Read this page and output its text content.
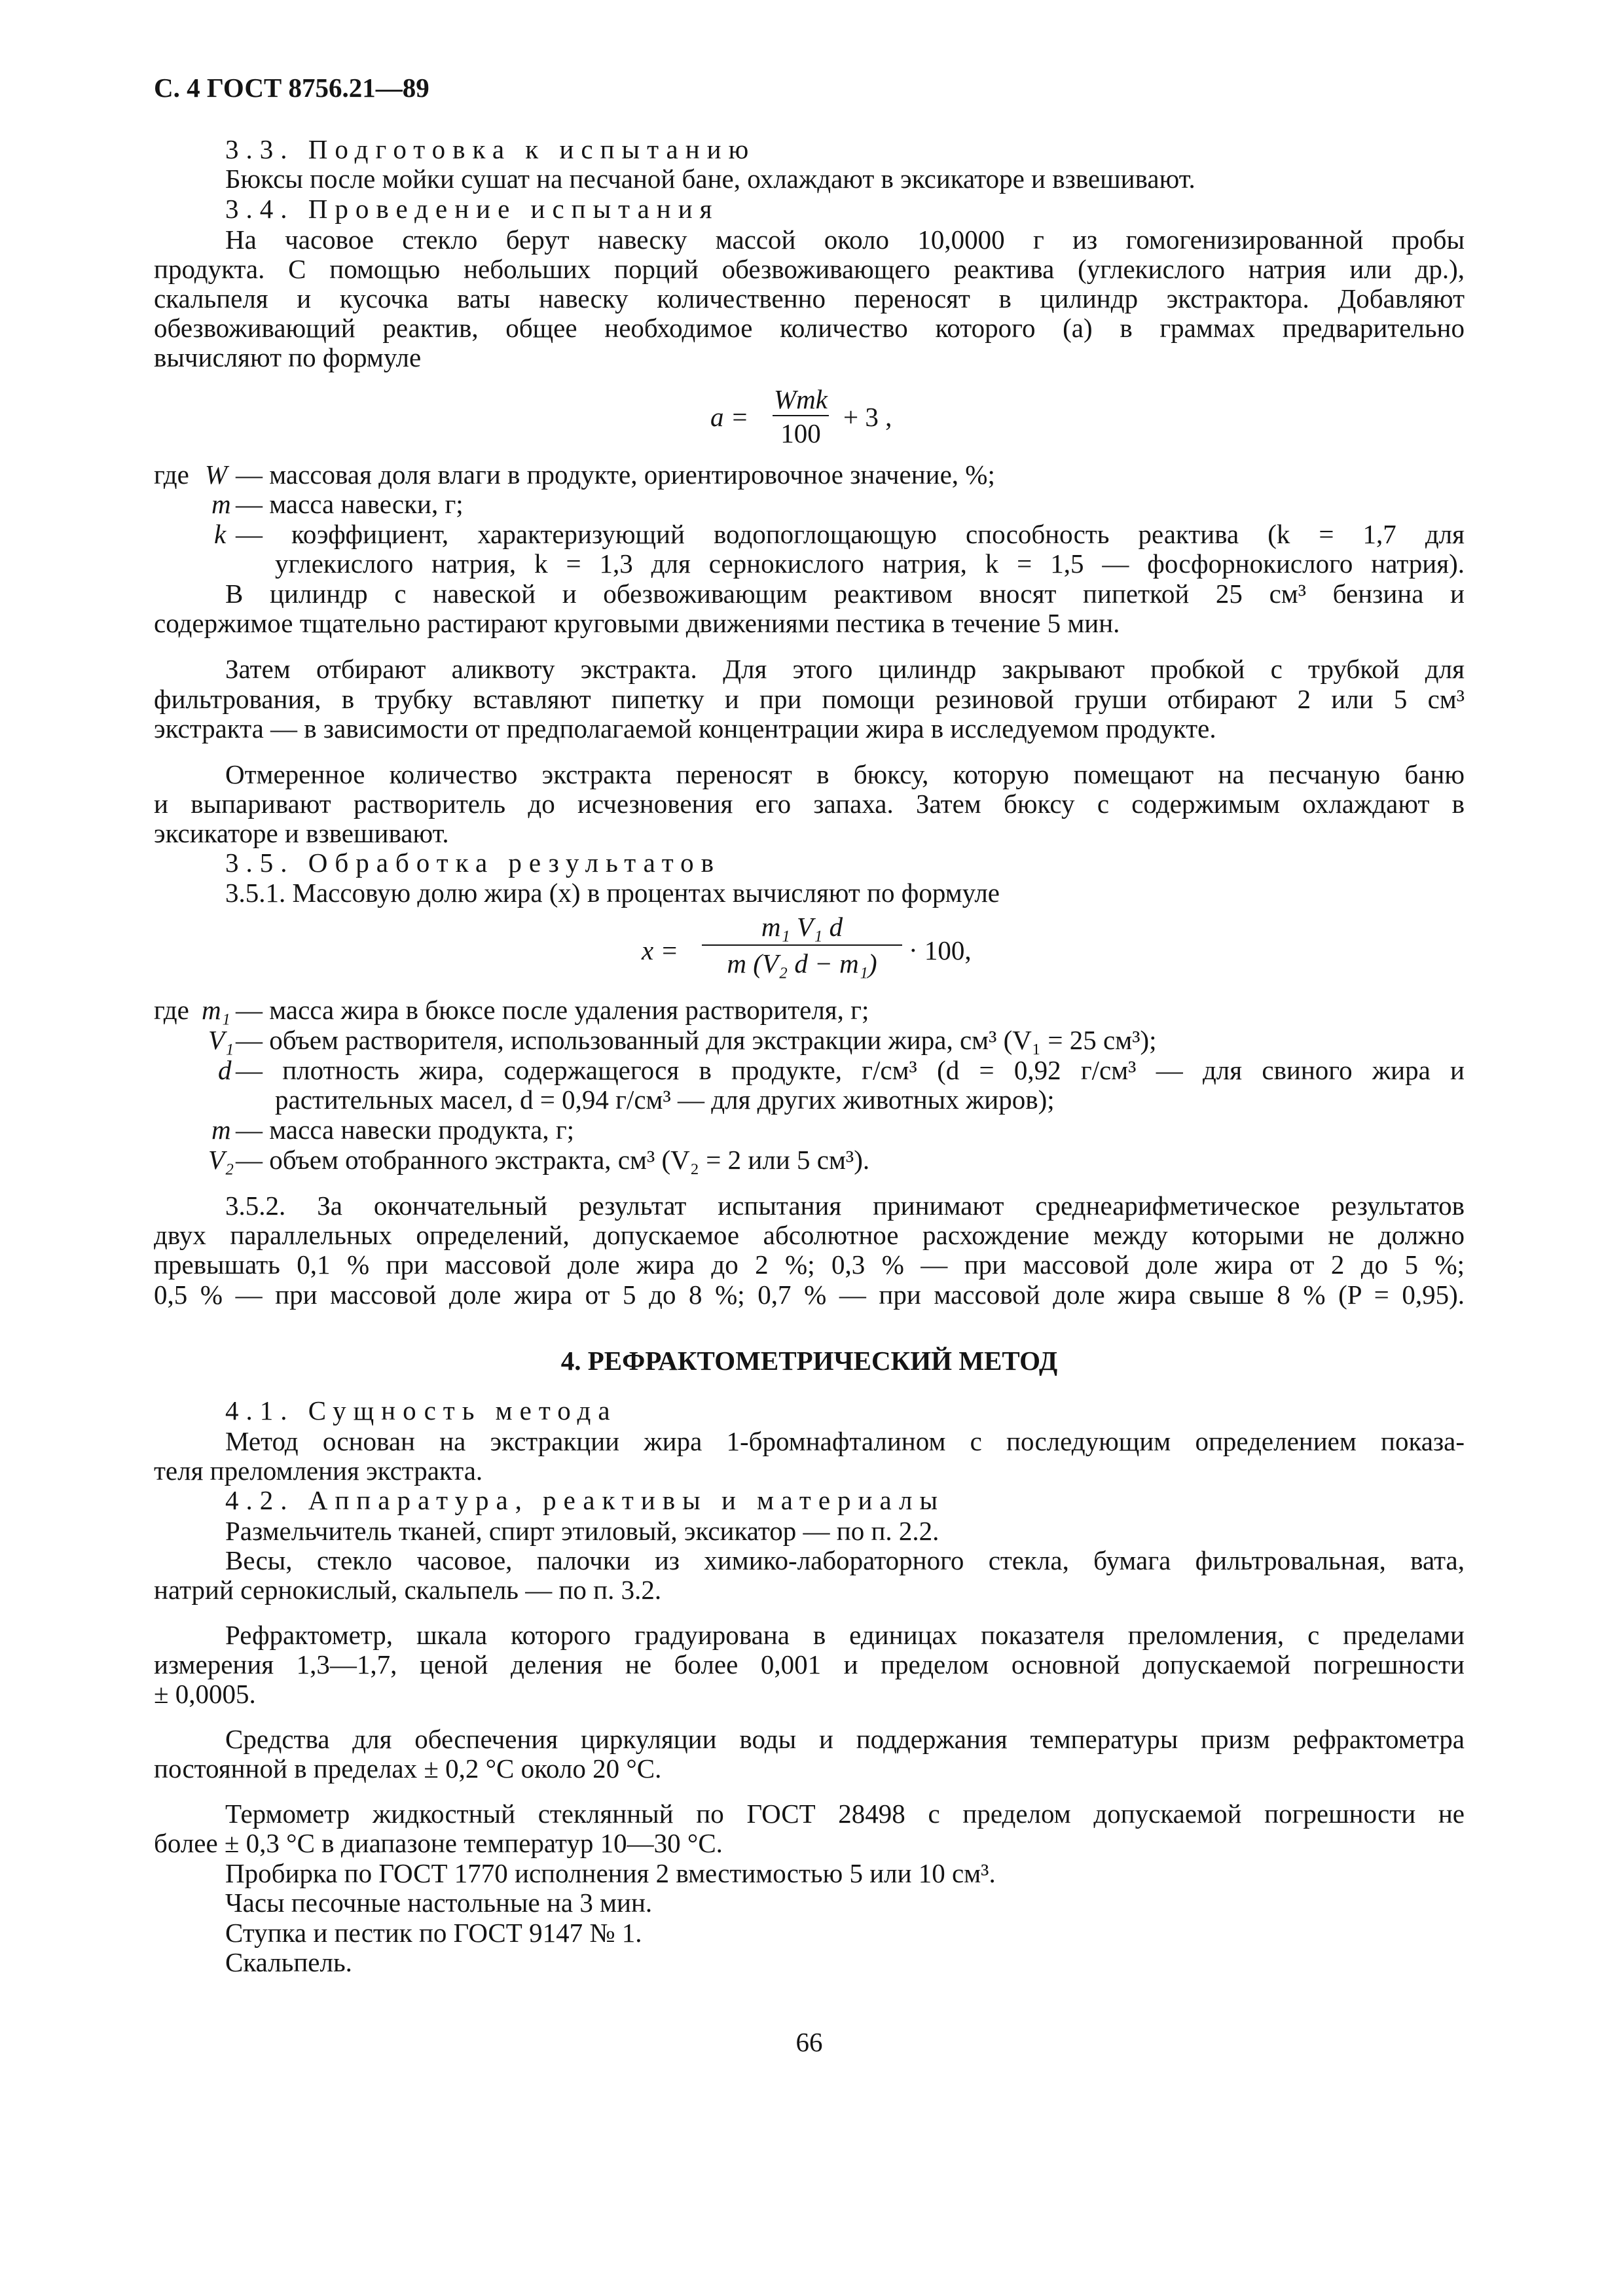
С. 4 ГОСТ 8756.21—89
3.3. Подготовка к испытанию
Бюксы после мойки сушат на песчаной бане, охлаждают в эксикаторе и взвешивают.
3.4. Проведение испытания
На часовое стекло берут навеску массой около 10,0000 г из гомогенизированной пробы
продукта. С помощью небольших порций обезвоживающего реактива (углекислого натрия или др.),
скальпеля и кусочка ваты навеску количественно переносят в цилиндр экстрактора. Добавляют
обезвоживающий реактив, общее необходимое количество которого (a) в граммах предварительно
вычисляют по формуле
a =
Wmk
100
+ 3 ,
где W — массовая доля влаги в продукте, ориентировочное значение, %;
m — масса навески, г;
k — коэффициент, характеризующий водопоглощающую способность реактива (k = 1,7 для
углекислого натрия, k = 1,3 для сернокислого натрия, k = 1,5 — фосфорнокислого натрия).
В цилиндр с навеской и обезвоживающим реактивом вносят пипеткой 25 см³ бензина и
содержимое тщательно растирают круговыми движениями пестика в течение 5 мин.
Затем отбирают аликвоту экстракта. Для этого цилиндр закрывают пробкой с трубкой для
фильтрования, в трубку вставляют пипетку и при помощи резиновой груши отбирают 2 или 5 см³
экстракта — в зависимости от предполагаемой концентрации жира в исследуемом продукте.
Отмеренное количество экстракта переносят в бюксу, которую помещают на песчаную баню
и выпаривают растворитель до исчезновения его запаха. Затем бюксу с содержимым охлаждают в
эксикаторе и взвешивают.
3.5. Обработка результатов
3.5.1. Массовую долю жира (x) в процентах вычисляют по формуле
x =
m₁ V₁ d
m (V₂ d − m₁)	· 100,
где m₁ — масса жира в бюксе после удаления растворителя, г;
V₁ — объем растворителя, использованный для экстракции жира, см³ (V₁ = 25 см³);
d — плотность жира, содержащегося в продукте, г/см³ (d = 0,92 г/см³ — для свиного жира и
растительных масел, d = 0,94 г/см³ — для других животных жиров);
m — масса навески продукта, г;
V₂ — объем отобранного экстракта, см³ (V₂ = 2 или 5 см³).
3.5.2. За окончательный результат испытания принимают среднеарифметическое результатов
двух параллельных определений, допускаемое абсолютное расхождение между которыми не должно
превышать 0,1 % при массовой доле жира до 2 %; 0,3 % — при массовой доле жира от 2 до 5 %;
0,5 % — при массовой доле жира от 5 до 8 %; 0,7 % — при массовой доле жира свыше 8 % (P = 0,95).
4. РЕФРАКТОМЕТРИЧЕСКИЙ МЕТОД
4.1. Сущность метода
Метод основан на экстракции жира 1-бромнафталином с последующим определением показа-
теля преломления экстракта.
4.2. Аппаратура, реактивы и материалы
Размельчитель тканей, спирт этиловый, эксикатор — по п. 2.2.
Весы, стекло часовое, палочки из химико-лабораторного стекла, бумага фильтровальная, вата,
натрий сернокислый, скальпель — по п. 3.2.
Рефрактометр, шкала которого градуирована в единицах показателя преломления, с пределами
измерения 1,3—1,7, ценой деления не более 0,001 и пределом основной допускаемой погрешности
± 0,0005.
Средства для обеспечения циркуляции воды и поддержания температуры призм рефрактометра
постоянной в пределах ± 0,2 °С около 20 °С.
Термометр жидкостный стеклянный по ГОСТ 28498 с пределом допускаемой погрешности не
более ± 0,3 °С в диапазоне температур 10—30 °С.
Пробирка по ГОСТ 1770 исполнения 2 вместимостью 5 или 10 см³.
Часы песочные настольные на 3 мин.
Ступка и пестик по ГОСТ 9147 № 1.
Скальпель.
66
